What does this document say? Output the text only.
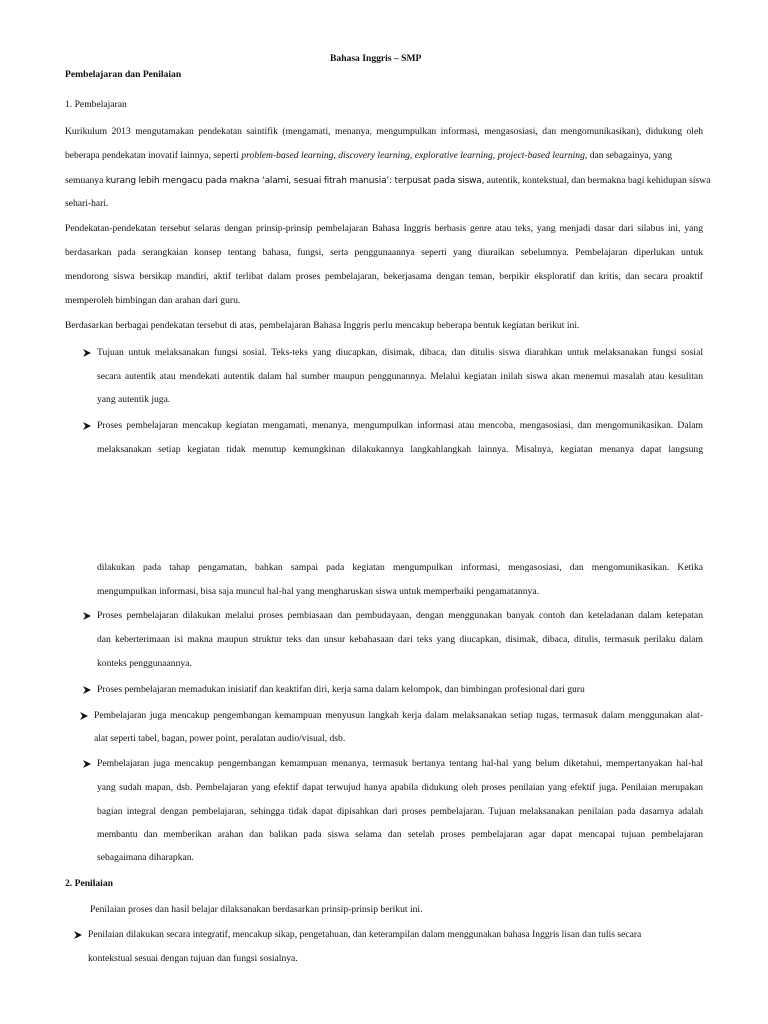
Bahasa Inggris – SMP
Pembelajaran dan Penilaian
1. Pembelajaran
Kurikulum 2013 mengutamakan pendekatan saintifik (mengamati, menanya, mengumpulkan informasi, mengasosiasi, dan mengomunikasikan), didukung oleh
beberapa pendekatan inovatif lainnya, seperti problem-based learning, discovery learning, explorative learning, project-based learning, dan sebagainya, yang
semuanya kurang lebih mengacu pada makna ‘alami, sesuai fitrah manusia’: terpusat pada siswa, autentik, kontekstual, dan bermakna bagi kehidupan siswa
sehari-hari.
Pendekatan-pendekatan tersebut selaras dengan prinsip-prinsip pembelajaran Bahasa Inggris berbasis genre atau teks, yang menjadi dasar dari silabus ini, yang
berdasarkan pada serangkaian konsep tentang bahasa, fungsi, serta penggunaannya seperti yang diuraikan sebelumnya. Pembelajaran diperlukan untuk
mendorong siswa bersikap mandiri, aktif terlibat dalam proses pembelajaran, bekerjasama dengan teman, berpikir eksploratif dan kritis, dan secara proaktif
memperoleh bimbingan dan arahan dari guru.
Berdasarkan berbagai pendekatan tersebut di atas, pembelajaran Bahasa Inggris perlu mencakup beberapa bentuk kegiatan berikut ini.
Tujuan untuk melaksanakan fungsi sosial. Teks-teks yang diucapkan, disimak, dibaca, dan ditulis siswa diarahkan untuk melaksanakan fungsi sosial
secara autentik atau mendekati autentik dalam hal sumber maupun penggunannya. Melalui kegiatan inilah siswa akan menemui masalah atau kesulitan
yang autentik juga.
Proses pembelajaran mencakup kegiatan mengamati, menanya, mengumpulkan informasi atau mencoba, mengasosiasi, dan mengomunikasikan. Dalam
melaksanakan setiap kegiatan tidak menutup kemungkinan dilakukannya langkahlangkah lainnya. Misalnya, kegiatan menanya dapat langsung
dilakukan pada tahap pengamatan, bahkan sampai pada kegiatan mengumpulkan informasi, mengasosiasi, dan mengomunikasikan. Ketika
mengumpulkan informasi, bisa saja muncul hal-hal yang mengharuskan siswa untuk memperbaiki pengamatannya.
Proses pembelajaran dilakukan melalui proses pembiasaan dan pembudayaan, dengan menggunakan banyak contoh dan keteladanan dalam ketepatan
dan keberterimaan isi makna maupun struktur teks dan unsur kebahasaan dari teks yang diucapkan, disimak, dibaca, ditulis, termasuk perilaku dalam
konteks penggunaannya.
Proses pembelajaran memadukan inisiatif dan keaktifan diri, kerja sama dalam kelompok, dan bimbingan profesional dari guru
Pembelajaran juga mencakup pengembangan kemampuan menyusun langkah kerja dalam melaksanakan setiap tugas, termasuk dalam menggunakan alat-
alat seperti tabel, bagan, power point, peralatan audio/visual, dsb.
Pembelajaran juga mencakup pengembangan kemampuan menanya, termasuk bertanya tentang hal-hal yang belum diketahui, mempertanyakan hal-hal
yang sudah mapan, dsb. Pembelajaran yang efektif dapat terwujud hanya apabila didukung oleh proses penilaian yang efektif juga. Penilaian merupakan
bagian integral dengan pembelajaran, sehingga tidak dapat dipisahkan dari proses pembelajaran. Tujuan melaksanakan penilaian pada dasarnya adalah
membantu dan memberikan arahan dan balikan pada siswa selama dan setelah proses pembelajaran agar dapat mencapai tujuan pembelajaran
sebagaimana diharapkan.
2. Penilaian
Penilaian proses dan hasil belajar dilaksanakan berdasarkan prinsip-prinsip berikut ini.
Penilaian dilakukan secara integratif, mencakup sikap, pengetahuan, dan keterampilan dalam menggunakan bahasa Inggris lisan dan tulis secara
kontekstual sesuai dengan tujuan dan fungsi sosialnya.
